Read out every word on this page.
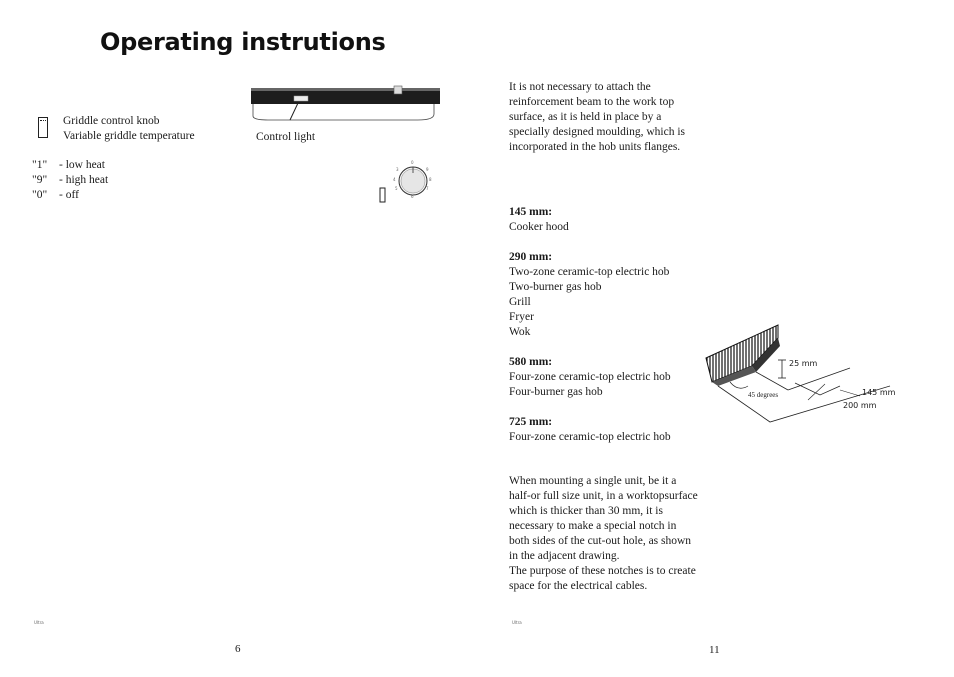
Operating instrutions
Griddle control knob
Variable griddle temperature
"1" - low heat
"9" - high heat
"0" - off
Control light
0
9
8
7
6
5
4
3
Ultra
6
It is not necessary to attach the reinforcement beam to the work top surface, as it is held in place by a specially designed moulding, which is incorporated in the hob units flanges.
145 mm:
Cooker hood
290 mm:
Two-zone ceramic-top electric hob
Two-burner gas hob
Grill
Fryer
Wok
580 mm:
Four-zone ceramic-top electric hob
Four-burner gas hob
725 mm:
Four-zone ceramic-top electric hob
When mounting a single unit, be it a half-or full size unit, in a worktopsurface which is thicker than 30 mm, it is necessary to make a special notch in both sides of the cut-out hole, as shown in the adjacent drawing.
The purpose of these notches is to create space for the electrical cables.
25 mm
45 degrees	145 mm
200 mm
Ultra
11
